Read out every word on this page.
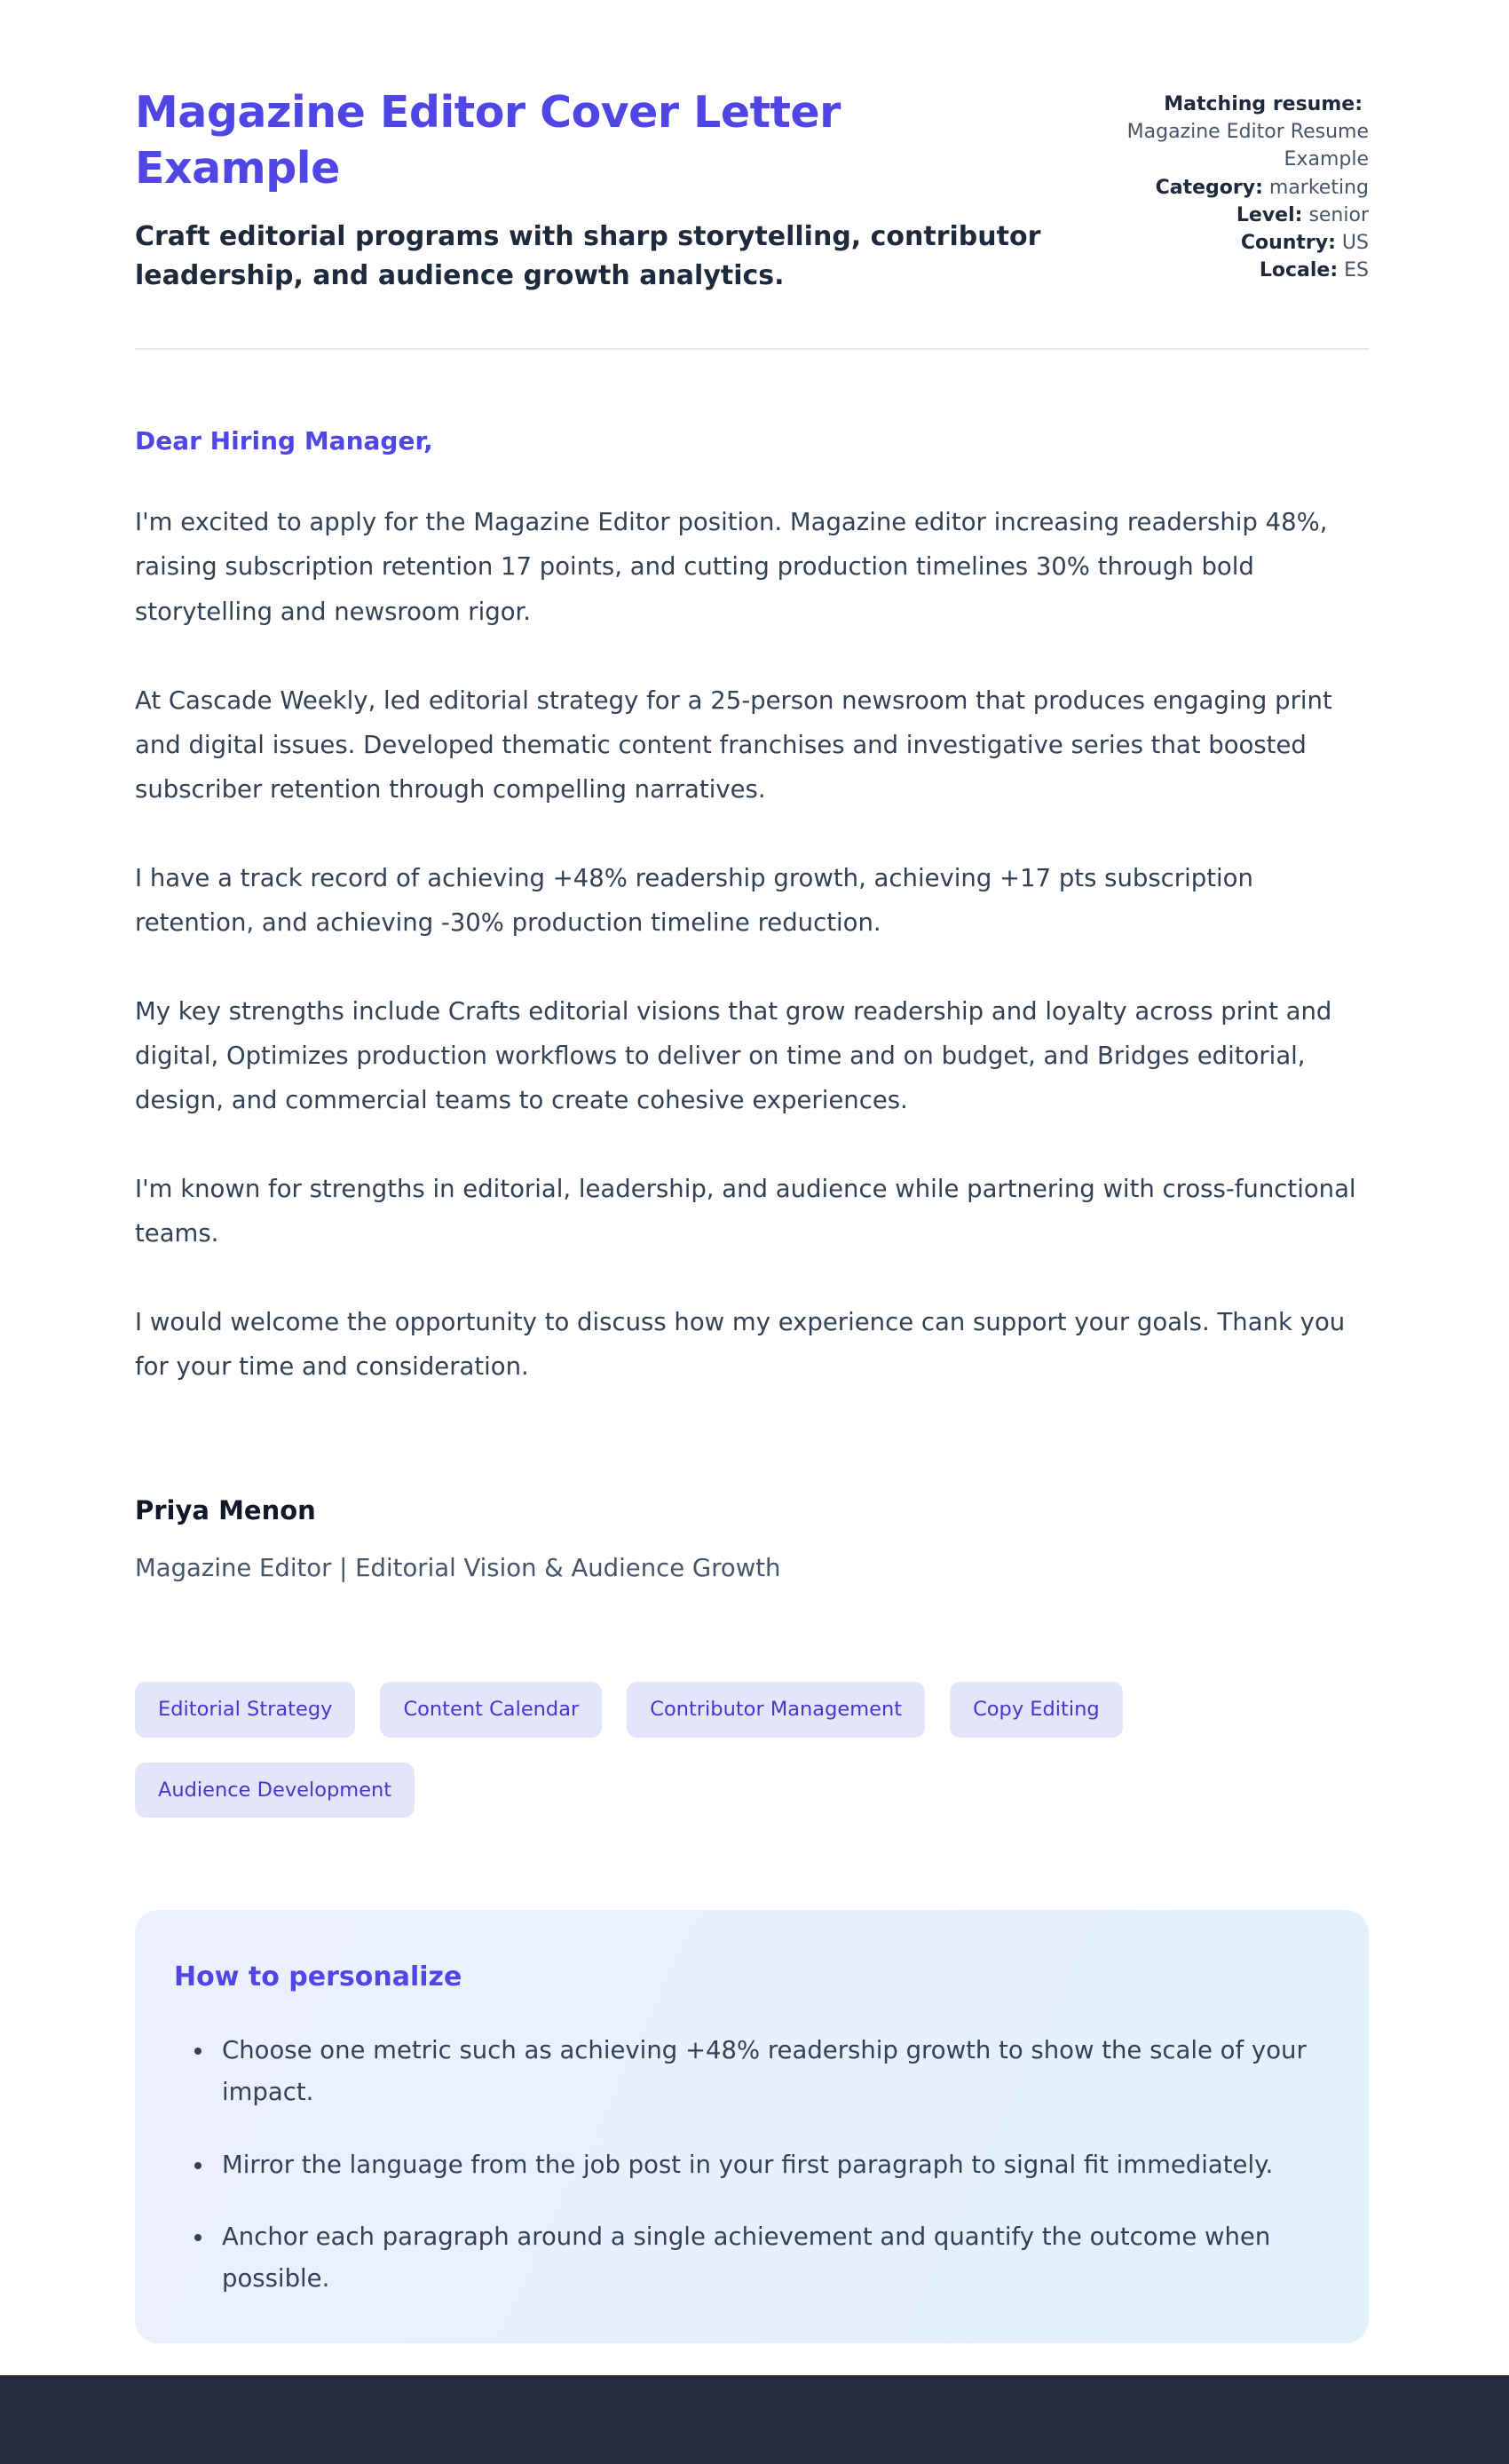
Magazine Editor Cover Letter Example
Craft editorial programs with sharp storytelling, contributor leadership, and audience growth analytics.
Matching resume:
Magazine Editor Resume Example
Category: marketing
Level: senior
Country: US
Locale: ES
Dear Hiring Manager,

I'm excited to apply for the Magazine Editor position. Magazine editor increasing readership 48%, raising subscription retention 17 points, and cutting production timelines 30% through bold storytelling and newsroom rigor.

At Cascade Weekly, led editorial strategy for a 25-person newsroom that produces engaging print and digital issues. Developed thematic content franchises and investigative series that boosted subscriber retention through compelling narratives.

I have a track record of achieving +48% readership growth, achieving +17 pts subscription retention, and achieving -30% production timeline reduction.

My key strengths include Crafts editorial visions that grow readership and loyalty across print and digital, Optimizes production workflows to deliver on time and on budget, and Bridges editorial, design, and commercial teams to create cohesive experiences.

I'm known for strengths in editorial, leadership, and audience while partnering with cross-functional teams.

I would welcome the opportunity to discuss how my experience can support your goals. Thank you for your time and consideration.

Priya Menon
Magazine Editor | Editorial Vision & Audience Growth
Editorial Strategy	Content Calendar	Contributor Management	Copy Editing
Audience Development
How to personalize
• Choose one metric such as achieving +48% readership growth to show the scale of your impact.
• Mirror the language from the job post in your first paragraph to signal fit immediately.
• Anchor each paragraph around a single achievement and quantify the outcome when possible.
